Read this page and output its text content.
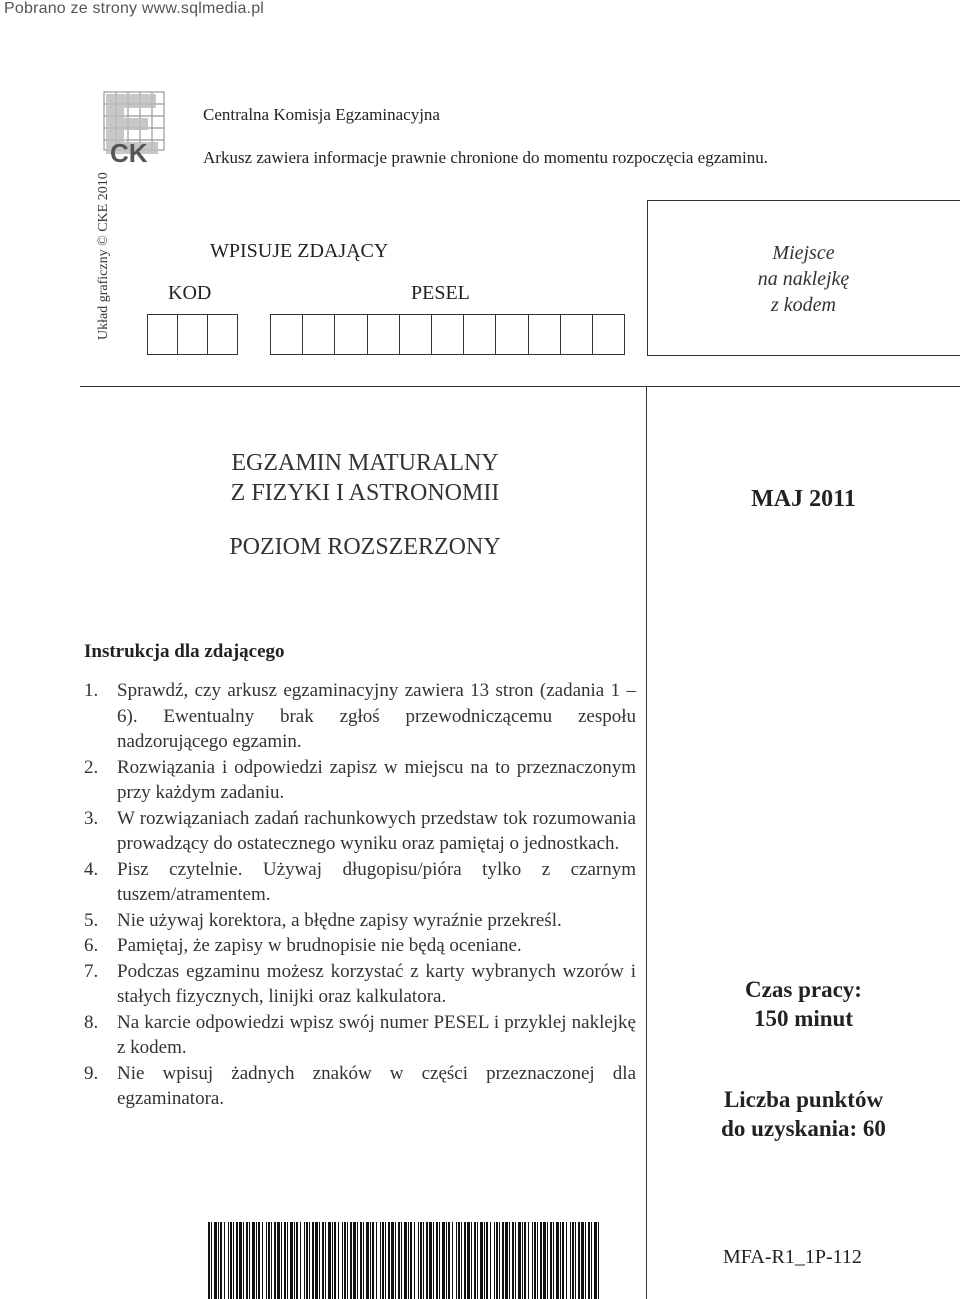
Pobrano ze strony www.sqlmedia.pl
CK
Centralna Komisja Egzaminacyjna
Arkusz zawiera informacje prawnie chronione do momentu rozpoczęcia egzaminu.
Układ graficzny © CKE 2010	WPISUJE ZDAJĄCY
KOD	PESEL
Miejsce
na naklejkę
z kodem
EGZAMIN MATURALNY
Z FIZYKI I ASTRONOMII
POZIOM ROZSZERZONY
MAJ 2011
Instrukcja dla zdającego
1. Sprawdź, czy arkusz egzaminacyjny zawiera 13 stron (zadania 1 – 6). Ewentualny brak zgłoś przewodniczącemu zespołu nadzorującego egzamin.
2. Rozwiązania i odpowiedzi zapisz w miejscu na to przeznaczonym przy każdym zadaniu.
3. W rozwiązaniach zadań rachunkowych przedstaw tok rozumowania prowadzący do ostatecznego wyniku oraz pamiętaj o jednostkach.
4. Pisz czytelnie. Używaj długopisu/pióra tylko z czarnym tuszem/atramentem.
5. Nie używaj korektora, a błędne zapisy wyraźnie przekreśl.
6. Pamiętaj, że zapisy w brudnopisie nie będą oceniane.
7. Podczas egzaminu możesz korzystać z karty wybranych wzorów i stałych fizycznych, linijki oraz kalkulatora.
8. Na karcie odpowiedzi wpisz swój numer PESEL i przyklej naklejkę z kodem.
9. Nie wpisuj żadnych znaków w części przeznaczonej dla egzaminatora.
Czas pracy:
150 minut
Liczba punktów
do uzyskania: 60
MFA-R1_1P-112
